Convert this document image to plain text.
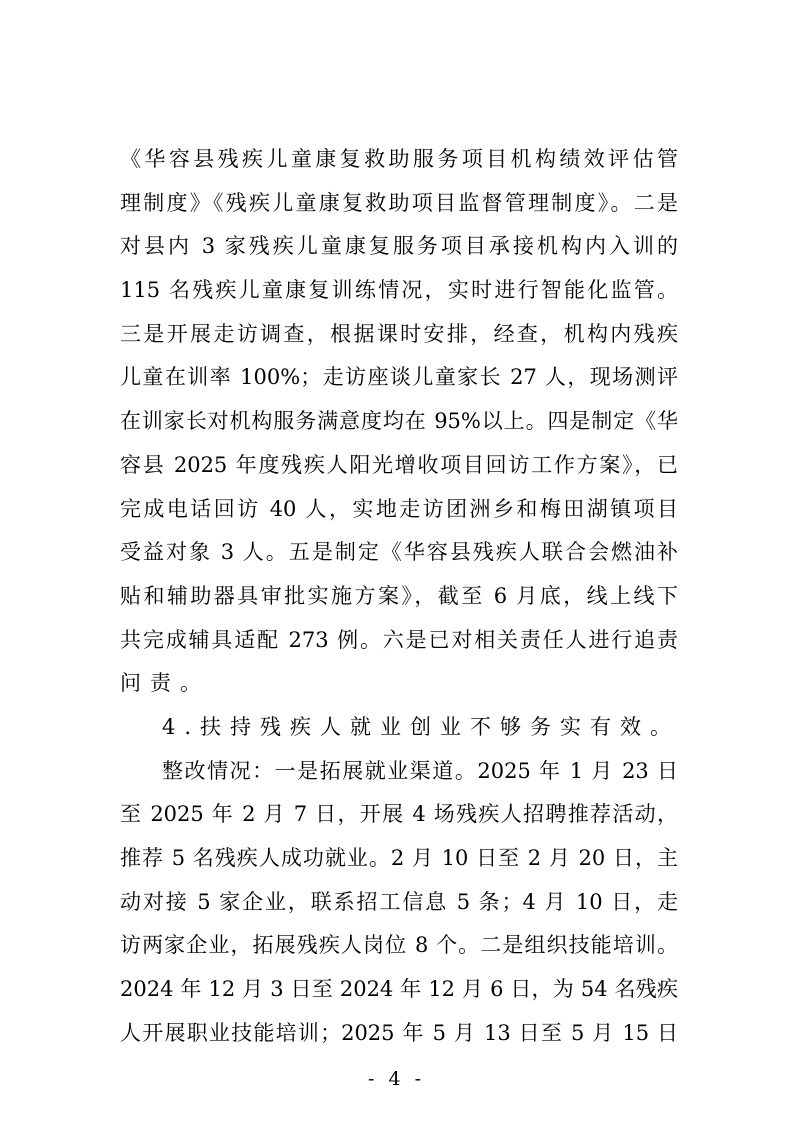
《华容县残疾儿童康复救助服务项目机构绩效评估管
理制度》《残疾儿童康复救助项目监督管理制度》。二是
对县内 3 家残疾儿童康复服务项目承接机构内入训的
115 名残疾儿童康复训练情况，实时进行智能化监管。
三是开展走访调查，根据课时安排，经查，机构内残疾
儿童在训率 100%；走访座谈儿童家长 27 人，现场测评
在训家长对机构服务满意度均在 95%以上。四是制定《华
容县 2025 年度残疾人阳光增收项目回访工作方案》，已
完成电话回访 40 人，实地走访团洲乡和梅田湖镇项目
受益对象 3 人。五是制定《华容县残疾人联合会燃油补
贴和辅助器具审批实施方案》，截至 6 月底，线上线下
共完成辅具适配 273 例。六是已对相关责任人进行追责
问责。
4.扶持残疾人就业创业不够务实有效。
整改情况：一是拓展就业渠道。2025 年 1 月 23 日
至 2025 年 2 月 7 日，开展 4 场残疾人招聘推荐活动，
推荐 5 名残疾人成功就业。2 月 10 日至 2 月 20 日，主
动对接 5 家企业，联系招工信息 5 条；4 月 10 日，走
访两家企业，拓展残疾人岗位 8 个。二是组织技能培训。
2024 年 12 月 3 日至 2024 年 12 月 6 日，为 54 名残疾
人开展职业技能培训；2025 年 5 月 13 日至 5 月 15 日
- 4 -
